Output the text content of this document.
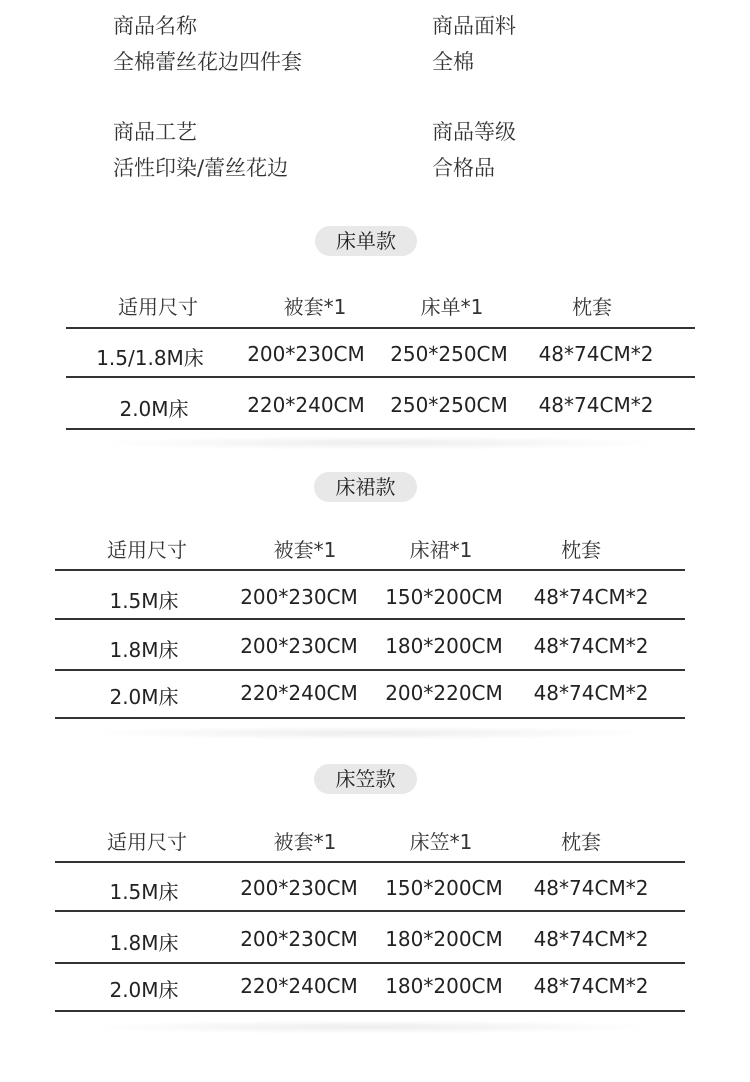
商品名称
全棉蕾丝花边四件套
商品面料
全棉
商品工艺
活性印染/蕾丝花边
商品等级
合格品
床单款
适用尺寸	被套*1	床单*1	枕套
1.5/1.8M床 200*230CM 250*250CM 48*74CM*2
2.0M床	220*240CM 250*250CM 48*74CM*2
床裙款
适用尺寸	被套*1	床裙*1	枕套
1.5M床	200*230CM 150*200CM 48*74CM*2
1.8M床	200*230CM 180*200CM 48*74CM*2
2.0M床	220*240CM 200*220CM 48*74CM*2
床笠款
适用尺寸	被套*1	床笠*1	枕套
1.5M床	200*230CM 150*200CM 48*74CM*2
1.8M床	200*230CM 180*200CM 48*74CM*2
2.0M床	220*240CM 180*200CM 48*74CM*2
